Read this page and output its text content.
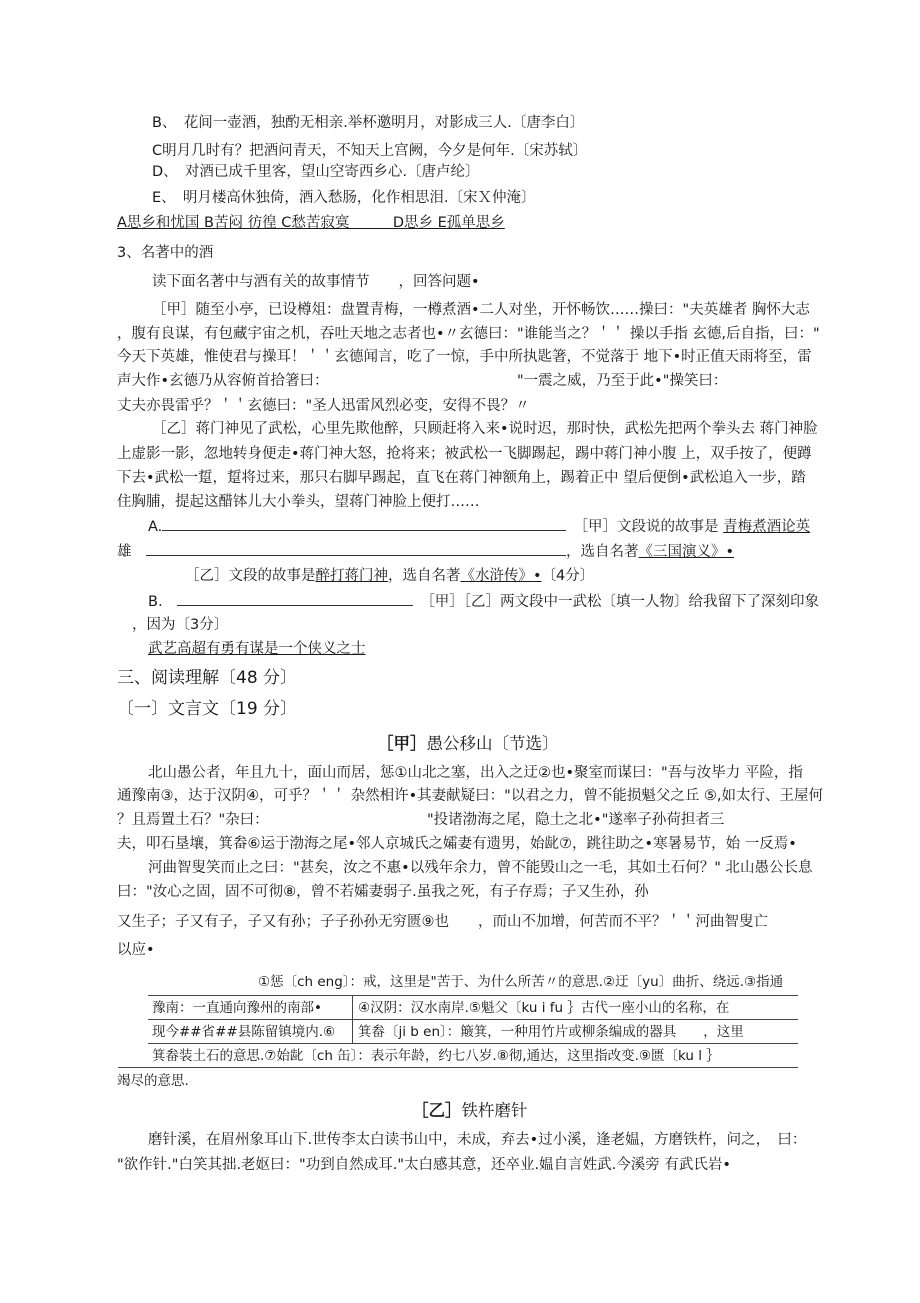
B、　花间一壶酒，独酌无相亲.举杯邀明月，对影成三人.〔唐李白〕
C明月几时有？把酒问青天，不知天上宫阙，今夕是何年.〔宋苏轼〕
D、　对酒已成千里客，望山空寄西乡心.〔唐卢纶〕
E、　明月楼高休独倚，酒入愁肠，化作相思泪.〔宋Ｘ仲淹〕
A思乡和忧国 B苦闷 彷徨 C愁苦寂寞　　　D思乡 E孤单思乡
3、名著中的酒
读下面名著中与酒有关的故事情节　　，回答问题•
［甲］随至小亭，已设樽俎：盘置青梅，一樽煮酒•二人对坐，开怀畅饮……操曰："夫英雄者 胸怀大志
，腹有良谋，有包藏宇宙之机，吞吐天地之志者也•〃玄德曰："谁能当之？＇＇ 操以手指 玄德,后自指，曰："
今天下英雄，惟使君与操耳！＇＇玄德闻言，吃了一惊，手中所执匙箸，不觉落于 地下•时正值天雨将至，雷
声大作•玄德乃从容俯首拾箸曰：	"一震之威，乃至于此•"操笑曰：
丈夫亦畏雷乎？＇＇玄德曰："圣人迅雷风烈必变，安得不畏？〃
［乙］蒋门神见了武松，心里先欺他醉，只顾赶将入来•说时迟，那时快，武松先把两个拳头去 蒋门神脸
上虚影一影，忽地转身便走•蒋门神大怒，抢将来；被武松一飞脚踢起，踢中蒋门神小腹 上，双手按了，便蹲
下去•武松一踅，踅将过来，那只右脚早踢起，直飞在蒋门神额角上，踢着正中 望后便倒•武松追入一步，踏
住胸脯，提起这醋钵儿大小拳头，望蒋门神脸上便打……
A.　	［甲］文段说的故事是 青梅煮酒论英
雄　	，选自名著《三国演义》•
［乙］文段的故事是醉打蒋门神，选自名著《水浒传》•〔4分〕
B.　　	［甲］［乙］两文段中一武松〔填一人物〕给我留下了深刻印象
，因为〔3分〕
武艺高超有勇有谋是一个侠义之士
三、阅读理解〔48 分〕
〔一〕文言文〔19 分〕
［甲］愚公移山〔节选〕
北山愚公者，年且九十，面山而居，惩①山北之塞，出入之迂②也•聚室而谋曰："吾与汝毕力 平险，指
通豫南③，达于汉阴④，可乎？＇＇ 杂然相许•其妻献疑曰："以君之力，曾不能损魁父之丘 ⑤,如太行、王屋何
？且焉置土石？"杂曰：	"投诸渤海之尾，隐土之北•"遂率子孙荷担者三
夫，叩石垦壤，箕畚⑥运于渤海之尾•邻人京城氏之孀妻有遗男，始龀⑦，跳往助之•寒暑易节，始 一反焉•
河曲智叟笑而止之曰："甚矣，汝之不惠•以残年余力，曾不能毁山之一毛，其如土石何？" 北山愚公长息
曰："汝心之固，固不可彻⑧，曾不若孀妻弱子.虽我之死，有子存焉；子又生孙，孙
又生子；子又有子，子又有孙；子子孙孙无穷匮⑨也　　，而山不加增，何苦而不平？＇＇河曲智叟亡
以应•
①惩〔ch eng〕：戒，这里是"苦于、为什么所苦〃的意思.②迂〔yu〕曲折、绕远.③指通
豫南：一直通向豫州的南部•	④汉阴：汉水南岸.⑤魁父〔ku i fu ｝古代一座小山的名称，在
现今##省##县陈留镇境内.⑥ 箕畚〔ji b en〕：簸箕，一种用竹片或柳条编成的器具　　，这里
箕畚装土石的意思.⑦始龀〔ch 缶〕：表示年龄，约七八岁.⑧彻,通达，这里指改变.⑨匮〔ku l ｝
竭尽的意思.
［乙］铁杵磨针
磨针溪，在眉州象耳山下.世传李太白读书山中，未成，弃去•过小溪，逢老媪，方磨铁杵，问之，　曰：
"欲作针."白笑其拙.老妪曰："功到自然成耳."太白感其意，还卒业.媪自言姓武.今溪旁 有武氏岩•
